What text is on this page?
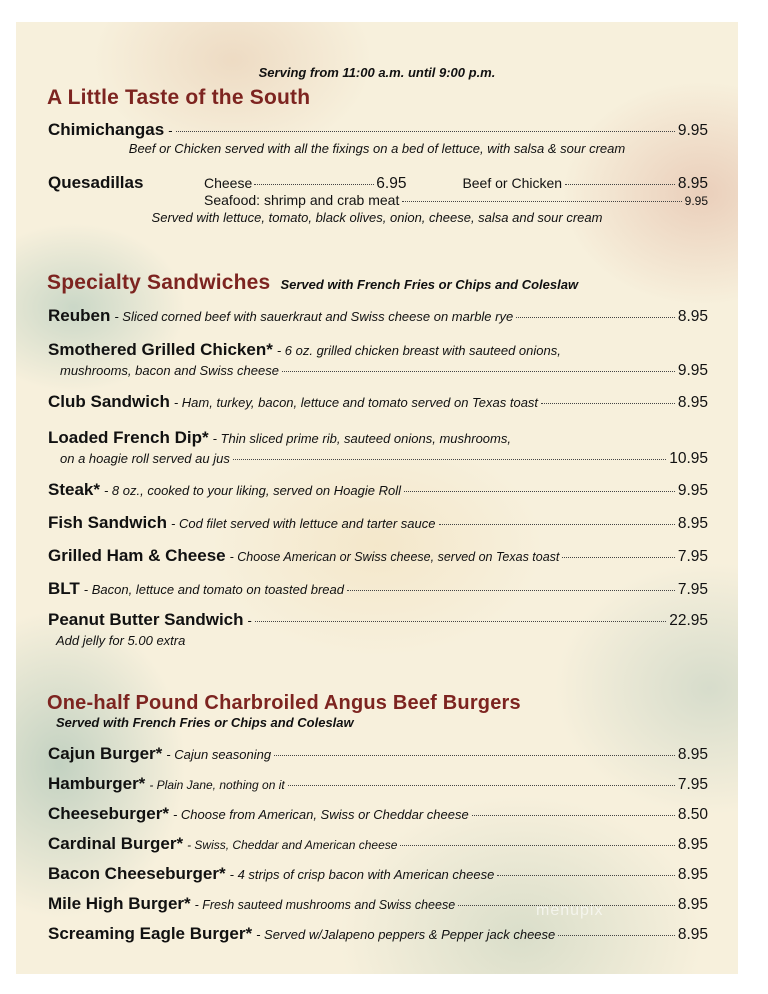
Serving from 11:00 a.m. until 9:00 p.m.
A Little Taste of the South
Chimichangas -	9.95
Beef or Chicken served with all the fixings on a bed of lettuce, with salsa & sour cream
Quesadillas	Cheese	6.95	Beef or Chicken	8.95
Seafood: shrimp and crab meat	9.95
Served with lettuce, tomato, black olives, onion, cheese, salsa and sour cream
Specialty Sandwiches Served with French Fries or Chips and Coleslaw
Reuben - Sliced corned beef with sauerkraut and Swiss cheese on marble rye	8.95
Smothered Grilled Chicken* - 6 oz. grilled chicken breast with sauteed onions,
mushrooms, bacon and Swiss cheese	9.95
Club Sandwich - Ham, turkey, bacon, lettuce and tomato served on Texas toast	8.95
Loaded French Dip* - Thin sliced prime rib, sauteed onions, mushrooms,
on a hoagie roll served au jus	10.95
Steak* - 8 oz., cooked to your liking, served on Hoagie Roll	9.95
Fish Sandwich - Cod filet served with lettuce and tarter sauce	8.95
Grilled Ham & Cheese - Choose American or Swiss cheese, served on Texas toast	7.95
BLT - Bacon, lettuce and tomato on toasted bread	7.95
Peanut Butter Sandwich -	22.95
Add jelly for 5.00 extra
One-half Pound Charbroiled Angus Beef Burgers
Served with French Fries or Chips and Coleslaw
Cajun Burger* - Cajun seasoning	8.95
Hamburger* - Plain Jane, nothing on it	7.95
Cheeseburger* - Choose from American, Swiss or Cheddar cheese	8.50
Cardinal Burger* - Swiss, Cheddar and American cheese	8.95
Bacon Cheeseburger* - 4 strips of crisp bacon with American cheese	8.95
Mile High Burger* - Fresh sauteed mushrooms and Swiss cheese	8.95
Screaming Eagle Burger* - Served w/Jalapeno peppers & Pepper jack cheese	8.95
menupix
